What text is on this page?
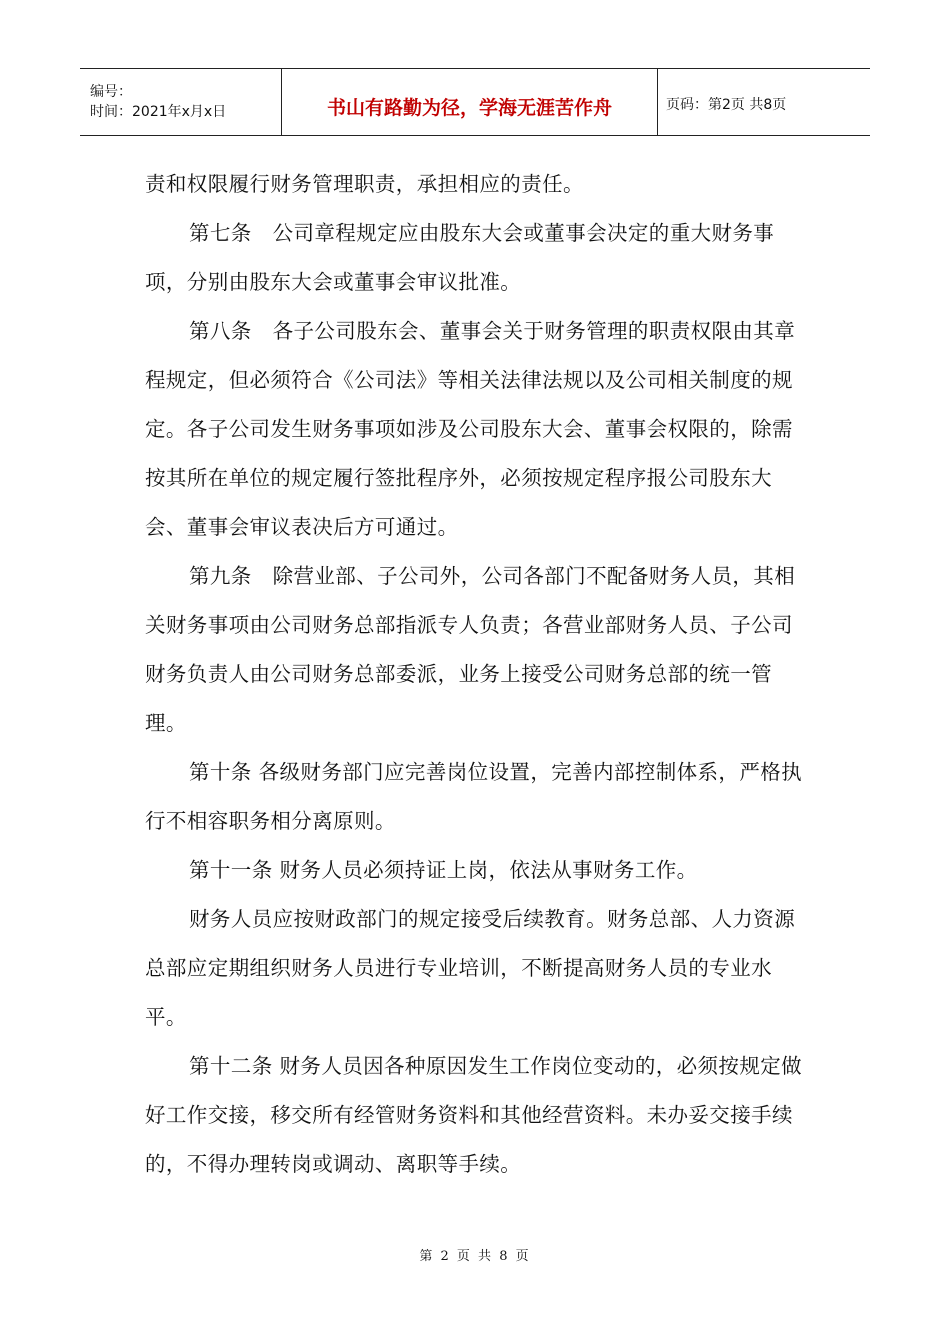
编号：
时间：2021年x月x日	书山有路勤为径，学海无涯苦作舟	页码：第2页 共8页

责和权限履行财务管理职责，承担相应的责任。

第七条　公司章程规定应由股东大会或董事会决定的重大财务事项，分别由股东大会或董事会审议批准。

第八条　各子公司股东会、董事会关于财务管理的职责权限由其章程规定，但必须符合《公司法》等相关法律法规以及公司相关制度的规定。各子公司发生财务事项如涉及公司股东大会、董事会权限的，除需按其所在单位的规定履行签批程序外，必须按规定程序报公司股东大会、董事会审议表决后方可通过。

第九条　除营业部、子公司外，公司各部门不配备财务人员，其相关财务事项由公司财务总部指派专人负责；各营业部财务人员、子公司财务负责人由公司财务总部委派，业务上接受公司财务总部的统一管理。

第十条 各级财务部门应完善岗位设置，完善内部控制体系，严格执行不相容职务相分离原则。

第十一条 财务人员必须持证上岗，依法从事财务工作。

财务人员应按财政部门的规定接受后续教育。财务总部、人力资源总部应定期组织财务人员进行专业培训，不断提高财务人员的专业水平。

第十二条 财务人员因各种原因发生工作岗位变动的，必须按规定做好工作交接，移交所有经管财务资料和其他经营资料。未办妥交接手续的，不得办理转岗或调动、离职等手续。

第 2 页 共 8 页
